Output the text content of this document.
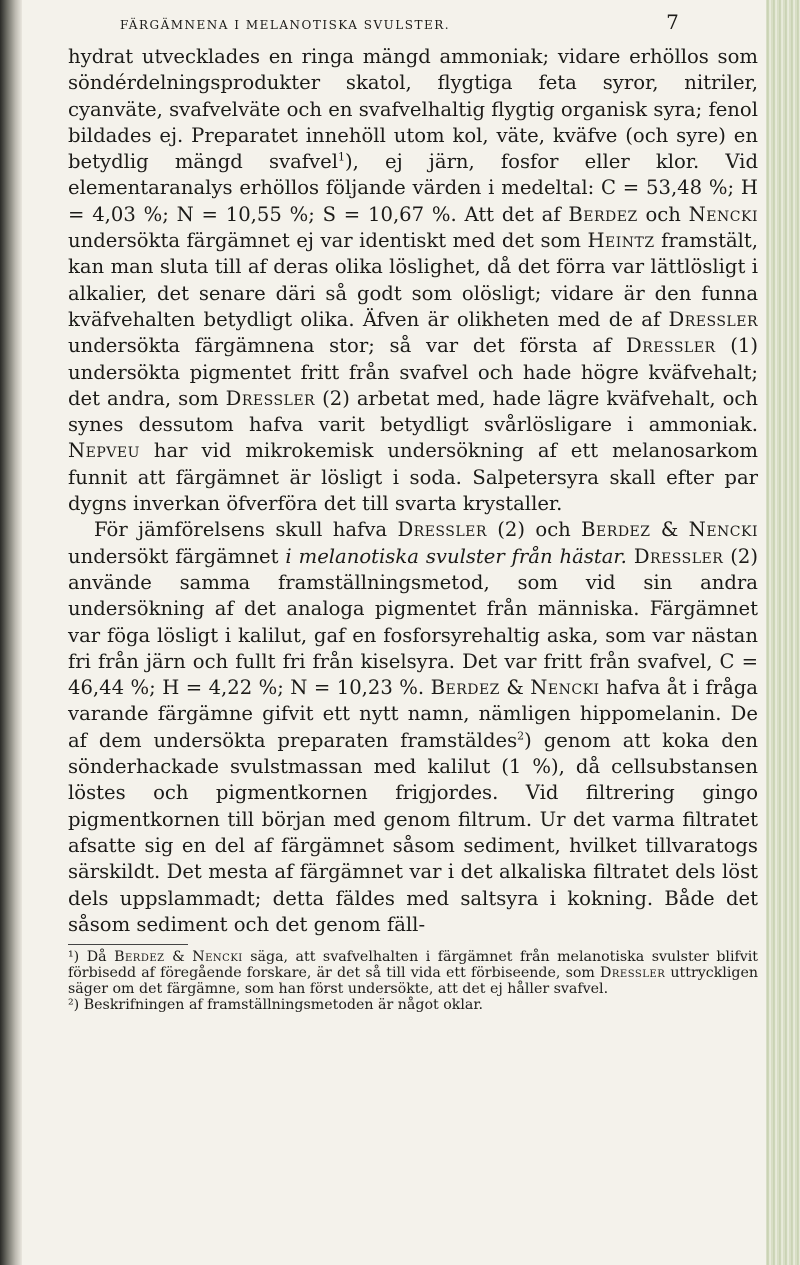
FÄRGÄMNENA I MELANOTISKA SVULSTER.	7

hydrat utvecklades en ringa mängd ammoniak; vidare erhöllos som söndérdelningsprodukter skatol, flygtiga feta syror, nitriler, cyanväte, svafvelväte och en svafvelhaltig flygtig organisk syra; fenol bildades ej. Preparatet innehöll utom kol, väte, kväfve (och syre) en betydlig mängd svafvel$^1$), ej järn, fosfor eller klor. Vid elementaranalys erhöllos följande värden i medeltal: C = 53,48 %; H = 4,03 %; N = 10,55 %; S = 10,67 %. Att det af Berdez och Nencki undersökta färgämnet ej var identiskt med det som Heintz framstält, kan man sluta till af deras olika löslighet, då det förra var lättlösligt i alkalier, det senare däri så godt som olösligt; vidare är den funna kväfvehalten betydligt olika. Äfven är olikheten med de af Dressler undersökta färgämnena stor; så var det första af Dressler (1) undersökta pigmentet fritt från svafvel och hade högre kväfvehalt; det andra, som Dressler (2) arbetat med, hade lägre kväfvehalt, och synes dessutom hafva varit betydligt svårlösligare i ammoniak. Nepveu har vid mikrokemisk undersökning af ett melanosarkom funnit att färgämnet är lösligt i soda. Salpetersyra skall efter par dygns inverkan öfverföra det till svarta krystaller.

För jämförelsens skull hafva Dressler (2) och Berdez & Nencki undersökt färgämnet i melanotiska svulster från hästar. Dressler (2) använde samma framställningsmetod, som vid sin andra undersökning af det analoga pigmentet från människa. Färgämnet var föga lösligt i kalilut, gaf en fosforsyrehaltig aska, som var nästan fri från järn och fullt fri från kiselsyra. Det var fritt från svafvel, C = 46,44 %; H = 4,22 %; N = 10,23 %. Berdez & Nencki hafva åt i fråga varande färgämne gifvit ett nytt namn, nämligen hippomelanin. De af dem undersökta preparaten framstäldes$^2$) genom att koka den sönderhackade svulstmassan med kalilut (1 %), då cellsubstansen löstes och pigmentkornen frigjordes. Vid filtrering gingo pigmentkornen till början med genom filtrum. Ur det varma filtratet afsatte sig en del af färgämnet såsom sediment, hvilket tillvaratogs särskildt. Det mesta af färgämnet var i det alkaliska filtratet dels löst dels uppslammadt; detta fäldes med saltsyra i kokning. Både det såsom sediment och det genom fäll-

¹) Då Berdez & Nencki säga, att svafvelhalten i färgämnet från melanotiska svulster blifvit förbisedd af föregående forskare, är det så till vida ett förbiseende, som Dressler uttryckligen säger om det färgämne, som han först undersökte, att det ej håller svafvel.

²) Beskrifningen af framställningsmetoden är något oklar.
